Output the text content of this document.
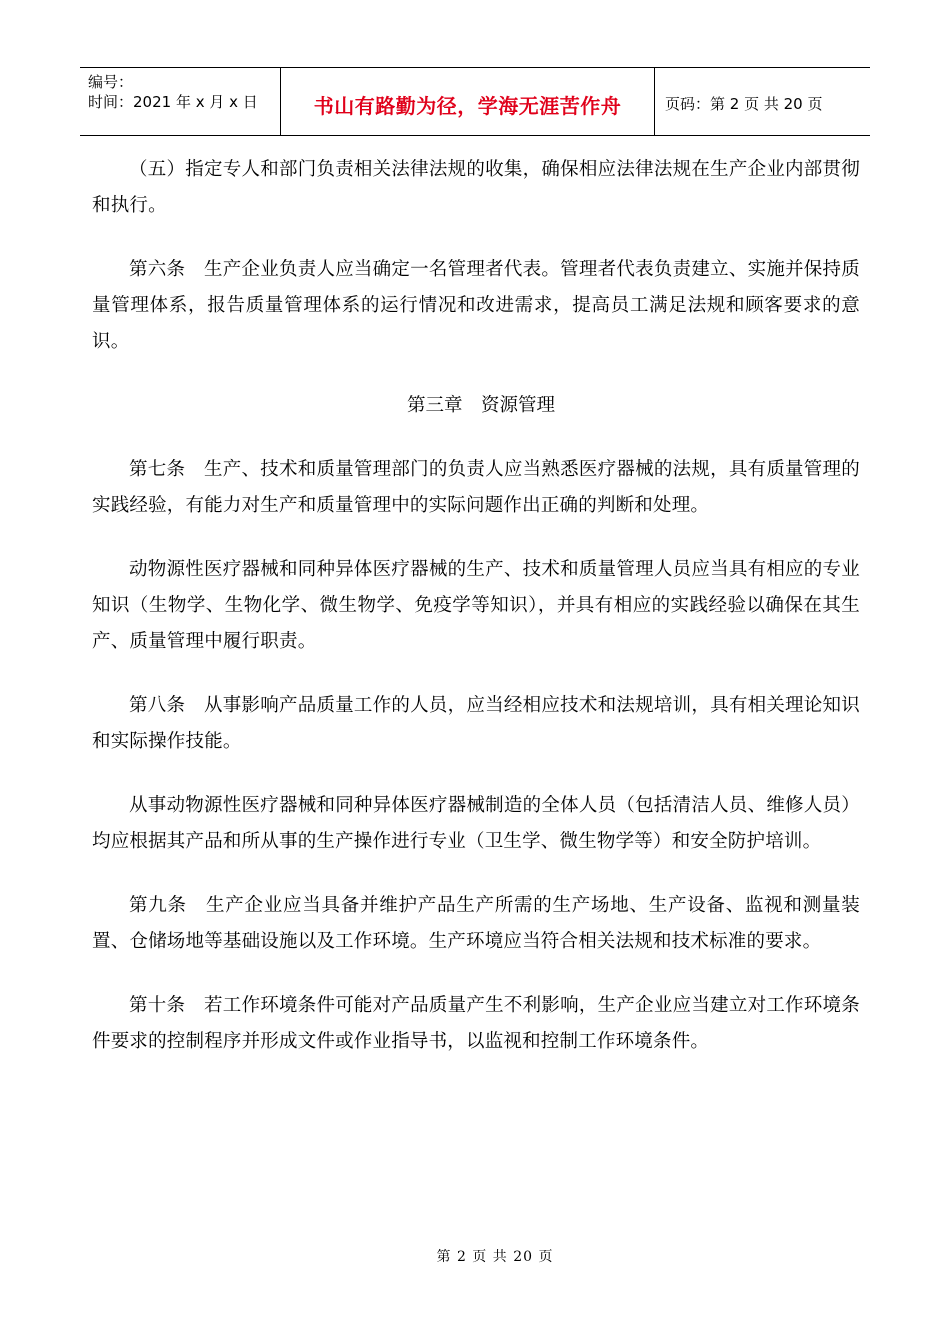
编号：
时间：2021 年 x 月 x 日	书山有路勤为径，学海无涯苦作舟	页码：第 2 页 共 20 页

（五）指定专人和部门负责相关法律法规的收集，确保相应法律法规在生产企业内部贯彻和执行。

第六条　生产企业负责人应当确定一名管理者代表。管理者代表负责建立、实施并保持质量管理体系，报告质量管理体系的运行情况和改进需求，提高员工满足法规和顾客要求的意识。

第三章　资源管理

第七条　生产、技术和质量管理部门的负责人应当熟悉医疗器械的法规，具有质量管理的实践经验，有能力对生产和质量管理中的实际问题作出正确的判断和处理。

动物源性医疗器械和同种异体医疗器械的生产、技术和质量管理人员应当具有相应的专业知识（生物学、生物化学、微生物学、免疫学等知识），并具有相应的实践经验以确保在其生产、质量管理中履行职责。

第八条　从事影响产品质量工作的人员，应当经相应技术和法规培训，具有相关理论知识和实际操作技能。

从事动物源性医疗器械和同种异体医疗器械制造的全体人员（包括清洁人员、维修人员）均应根据其产品和所从事的生产操作进行专业（卫生学、微生物学等）和安全防护培训。

第九条　生产企业应当具备并维护产品生产所需的生产场地、生产设备、监视和测量装置、仓储场地等基础设施以及工作环境。生产环境应当符合相关法规和技术标准的要求。

第十条　若工作环境条件可能对产品质量产生不利影响，生产企业应当建立对工作环境条件要求的控制程序并形成文件或作业指导书，以监视和控制工作环境条件。

第 2 页 共 20 页
